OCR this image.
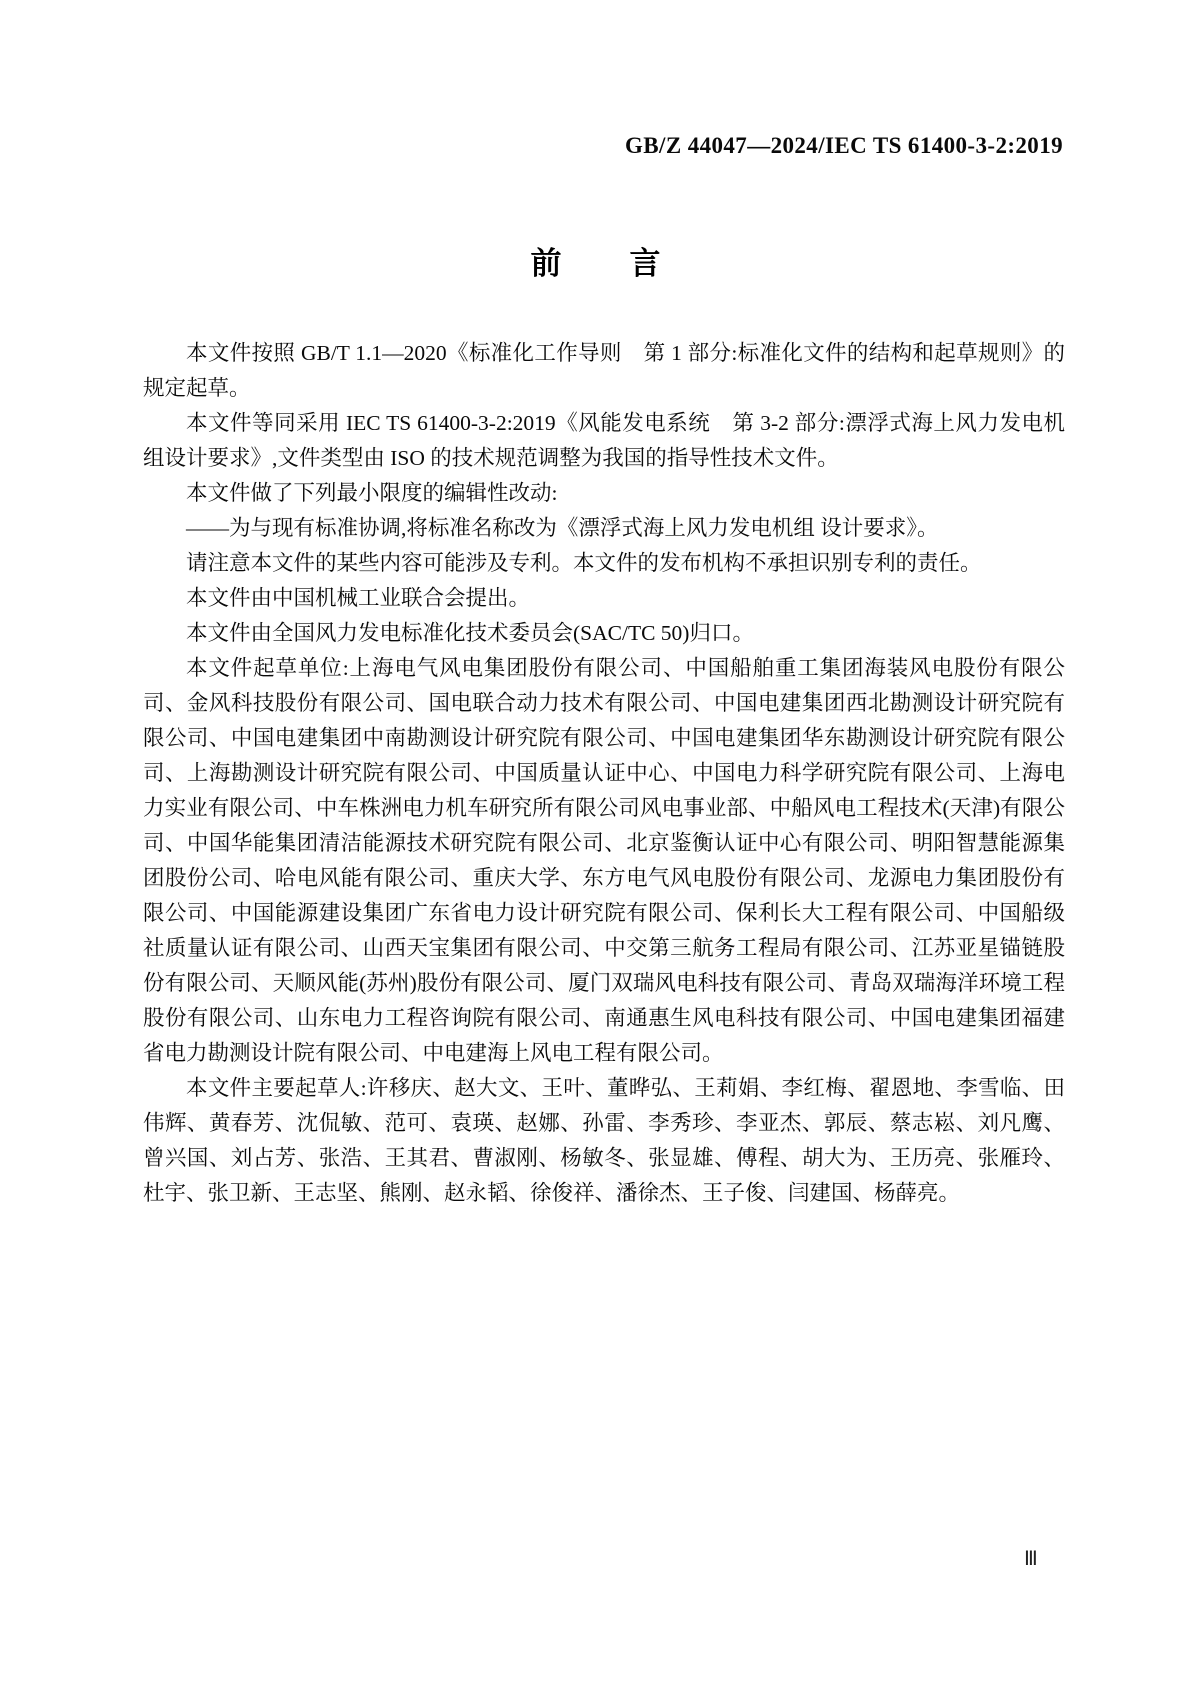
GB/Z 44047—2024/IEC TS 61400-3-2:2019
前 言

本文件按照 GB/T 1.1—2020《标准化工作导则　第 1 部分:标准化文件的结构和起草规则》的规定起草。

本文件等同采用 IEC TS 61400-3-2:2019《风能发电系统　第 3-2 部分:漂浮式海上风力发电机组设计要求》,文件类型由 ISO 的技术规范调整为我国的指导性技术文件。

本文件做了下列最小限度的编辑性改动:

——为与现有标准协调,将标准名称改为《漂浮式海上风力发电机组 设计要求》。

请注意本文件的某些内容可能涉及专利。本文件的发布机构不承担识别专利的责任。

本文件由中国机械工业联合会提出。

本文件由全国风力发电标准化技术委员会(SAC/TC 50)归口。

本文件起草单位:上海电气风电集团股份有限公司、中国船舶重工集团海装风电股份有限公司、金风科技股份有限公司、国电联合动力技术有限公司、中国电建集团西北勘测设计研究院有限公司、中国电建集团中南勘测设计研究院有限公司、中国电建集团华东勘测设计研究院有限公司、上海勘测设计研究院有限公司、中国质量认证中心、中国电力科学研究院有限公司、上海电力实业有限公司、中车株洲电力机车研究所有限公司风电事业部、中船风电工程技术(天津)有限公司、中国华能集团清洁能源技术研究院有限公司、北京鉴衡认证中心有限公司、明阳智慧能源集团股份公司、哈电风能有限公司、重庆大学、东方电气风电股份有限公司、龙源电力集团股份有限公司、中国能源建设集团广东省电力设计研究院有限公司、保利长大工程有限公司、中国船级社质量认证有限公司、山西天宝集团有限公司、中交第三航务工程局有限公司、江苏亚星锚链股份有限公司、天顺风能(苏州)股份有限公司、厦门双瑞风电科技有限公司、青岛双瑞海洋环境工程股份有限公司、山东电力工程咨询院有限公司、南通惠生风电科技有限公司、中国电建集团福建省电力勘测设计院有限公司、中电建海上风电工程有限公司。

本文件主要起草人:许移庆、赵大文、王叶、董晔弘、王莉娟、李红梅、翟恩地、李雪临、田伟辉、黄春芳、沈侃敏、范可、袁瑛、赵娜、孙雷、李秀珍、李亚杰、郭辰、蔡志崧、刘凡鹰、曾兴国、刘占芳、张浩、王其君、曹淑刚、杨敏冬、张显雄、傅程、胡大为、王历亮、张雁玲、杜宇、张卫新、王志坚、熊刚、赵永韬、徐俊祥、潘徐杰、王子俊、闫建国、杨薛亮。

Ⅲ
